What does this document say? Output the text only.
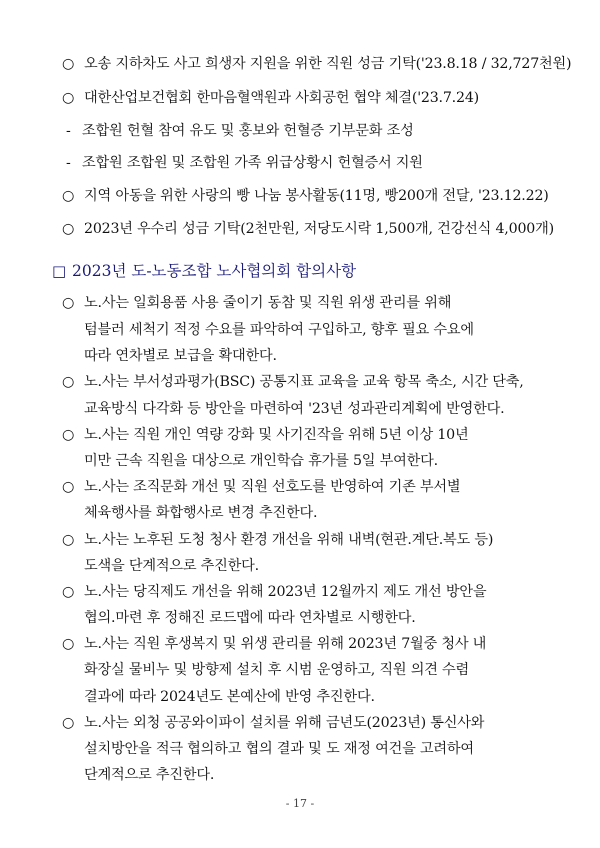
○ 오송 지하차도 사고 희생자 지원을 위한 직원 성금 기탁('23.8.18 / 32,727천원)
○ 대한산업보건협회 한마음혈액원과 사회공헌 협약 체결('23.7.24)
- 조합원 헌혈 참여 유도 및 홍보와 헌혈증 기부문화 조성
- 조합원 조합원 및 조합원 가족 위급상황시 헌혈증서 지원
○ 지역 아동을 위한 사랑의 빵 나눔 봉사활동(11명, 빵200개 전달, '23.12.22)
○ 2023년 우수리 성금 기탁(2천만원, 저당도시락 1,500개, 건강선식 4,000개)
□ 2023년 도-노동조합 노사협의회 합의사항
○ 노.사는 일회용품 사용 줄이기 동참 및 직원 위생 관리를 위해
텀블러 세척기 적정 수요를 파악하여 구입하고, 향후 필요 수요에
따라 연차별로 보급을 확대한다.
○ 노.사는 부서성과평가(BSC) 공통지표 교육을 교육 항목 축소, 시간 단축,
교육방식 다각화 등 방안을 마련하여 '23년 성과관리계획에 반영한다.
○ 노.사는 직원 개인 역량 강화 및 사기진작을 위해 5년 이상 10년
미만 근속 직원을 대상으로 개인학습 휴가를 5일 부여한다.
○ 노.사는 조직문화 개선 및 직원 선호도를 반영하여 기존 부서별
체육행사를 화합행사로 변경 추진한다.
○ 노.사는 노후된 도청 청사 환경 개선을 위해 내벽(현관.계단.복도 등)
도색을 단계적으로 추진한다.
○ 노.사는 당직제도 개선을 위해 2023년 12월까지 제도 개선 방안을
협의.마련 후 정해진 로드맵에 따라 연차별로 시행한다.
○ 노.사는 직원 후생복지 및 위생 관리를 위해 2023년 7월중 청사 내
화장실 물비누 및 방향제 설치 후 시범 운영하고, 직원 의견 수렴
결과에 따라 2024년도 본예산에 반영 추진한다.
○ 노.사는 외청 공공와이파이 설치를 위해 금년도(2023년) 통신사와
설치방안을 적극 협의하고 협의 결과 및 도 재정 여건을 고려하여
단계적으로 추진한다.
- 17 -
